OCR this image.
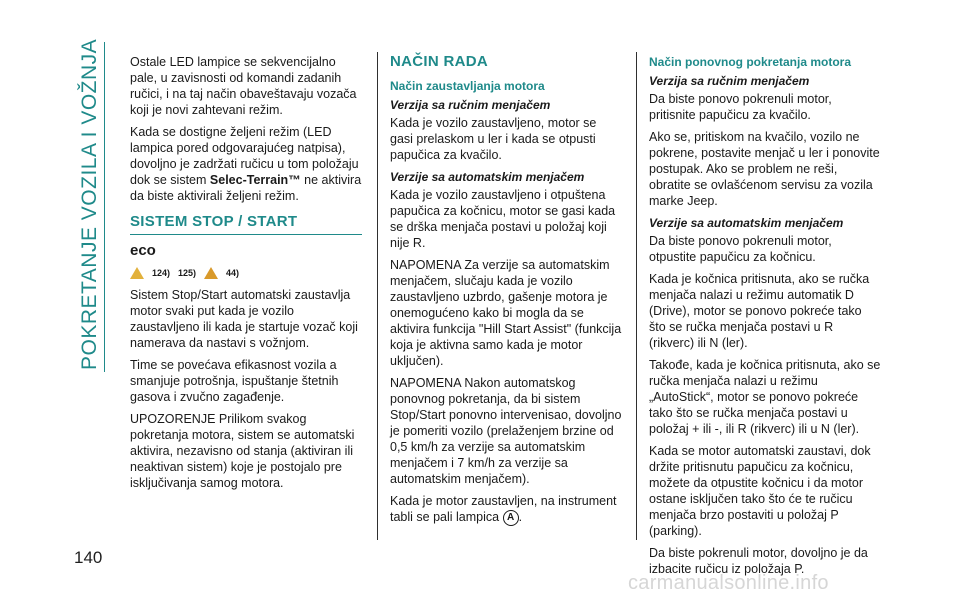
POKRETANJE VOZILA I VOŽNJA Ostale LED lampice se sekvencijalno pale, u zavisnosti od komandi zadanih ručici, i na taj način obaveštavaju vozača koji je novi zahtevani režim.

Kada se dostigne željeni režim (LED lampica pored odgovarajućeg natpisa), dovoljno je zadržati ručicu u tom položaju dok se sistem Selec-Terrain™ ne aktivira da biste aktivirali željeni režim.

SISTEM STOP / START
eco
124) 125)	44)

Sistem Stop/Start automatski zaustavlja motor svaki put kada je vozilo zaustavljeno ili kada je startuje vozač koji namerava da nastavi s vožnjom.

Time se povećava efikasnost vozila a smanjuje potrošnja, ispuštanje štetnih gasova i zvučno zagađenje.

UPOZORENJE Prilikom svakog pokretanja motora, sistem se automatski aktivira, nezavisno od stanja (aktiviran ili neaktivan sistem) koje je postojalo pre isključivanja samog motora.

NAČIN RADA
Način zaustavljanja motora
Verzija sa ručnim menjačem

Kada je vozilo zaustavljeno, motor se gasi prelaskom u ler i kada se otpusti papučica za kvačilo.

Verzije sa automatskim menjačem

Kada je vozilo zaustavljeno i otpuštena papučica za kočnicu, motor se gasi kada se drška menjača postavi u položaj koji nije R.

NAPOMENA Za verzije sa automatskim menjačem, slučaju kada je vozilo zaustavljeno uzbrdo, gašenje motora je onemogućeno kako bi mogla da se aktivira funkcija "Hill Start Assist" (funkcija koja je aktivna samo kada je motor uključen).

NAPOMENA Nakon automatskog ponovnog pokretanja, da bi sistem Stop/Start ponovno intervenisao, dovoljno je pomeriti vozilo (prelaženjem brzine od 0,5 km/h za verzije sa automatskim menjačem i 7 km/h za verzije sa automatskim menjačem).

Kada je motor zaustavljen, na instrument tabli se pali lampica A .

Način ponovnog pokretanja motora
Verzija sa ručnim menjačem

Da biste ponovo pokrenuli motor, pritisnite papučicu za kvačilo.

Ako se, pritiskom na kvačilo, vozilo ne pokrene, postavite menjač u ler i ponovite postupak. Ako se problem ne reši, obratite se ovlašćenom servisu za vozila marke Jeep.

Verzije sa automatskim menjačem

Da biste ponovo pokrenuli motor, otpustite papučicu za kočnicu.

Kada je kočnica pritisnuta, ako se ručka menjača nalazi u režimu automatik D (Drive), motor se ponovo pokreće tako što se ručka menjača postavi u R (rikverc) ili N (ler).

Takođe, kada je kočnica pritisnuta, ako se ručka menjača nalazi u režimu „AutoStick“, motor se ponovo pokreće tako što se ručka menjača postavi u položaj + ili -, ili R (rikverc) ili u N (ler).

Kada se motor automatski zaustavi, dok držite pritisnutu papučicu za kočnicu, možete da otpustite kočnicu i da motor ostane isključen tako što će te ručicu menjača brzo postaviti u položaj P (parking).

Da biste pokrenuli motor, dovoljno je da izbacite ručicu iz položaja P.

140
carmanualsonline.info
